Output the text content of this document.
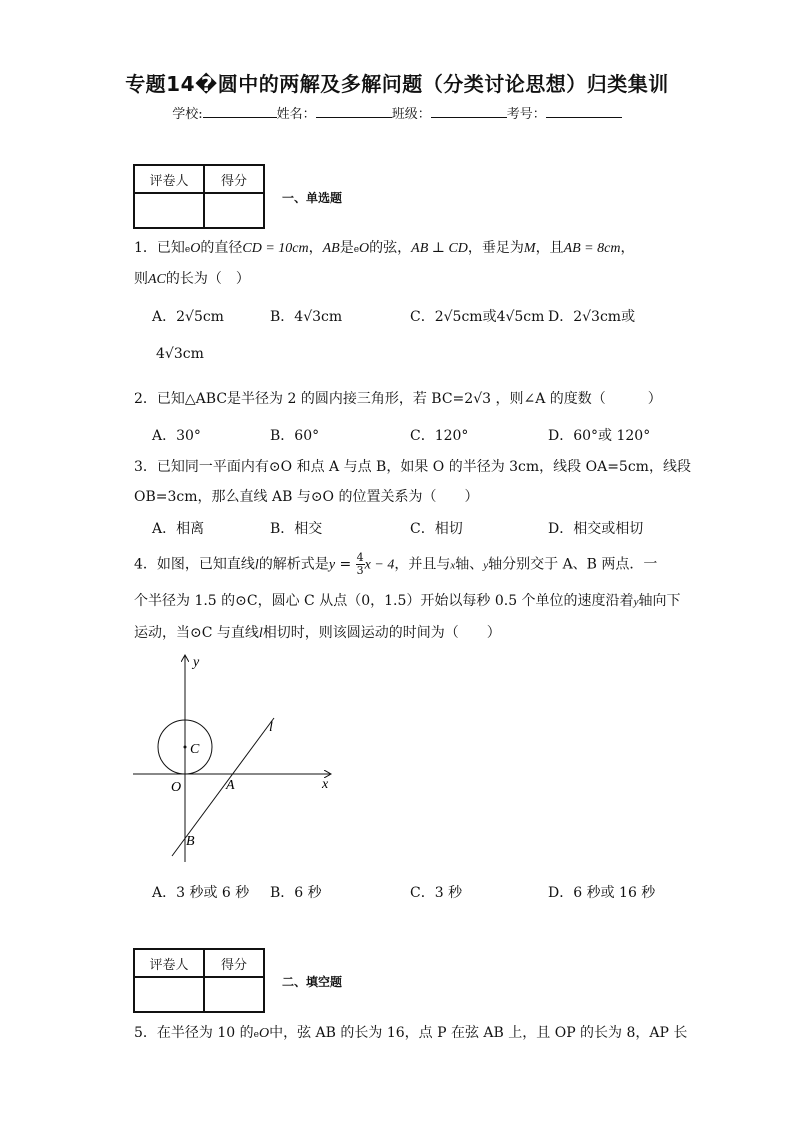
专题14�圆中的两解及多解问题（分类讨论思想）归类集训
学校:	姓名：	班级：	考号：
评卷人	得分

一、单选题
1．已知eO的直径CD = 10cm，AB是eO的弦，AB ⊥ CD，垂足为M，且AB = 8cm，
则AC的长为（　）
A．2√5cm	B．4√3cm	C．2√5cm或4√5cm D．2√3cm或
4√3cm
2．已知△ABC是半径为 2 的圆内接三角形，若 BC=2√3 ，则∠A 的度数（　　　）
A．30°	B．60°	C．120°	D．60°或 120°
3．已知同一平面内有⊙O 和点 A 与点 B，如果 O 的半径为 3cm，线段 OA=5cm，线段
OB=3cm，那么直线 AB 与⊙O 的位置关系为（　　）
A．相离	B．相交	C．相切	D．相交或相切
4．如图，已知直线l的解析式是$y = \frac{4}{3}$ x − 4，并且与x轴、y轴分别交于 A、B 两点．一
个半径为 1.5 的⊙C，圆心 C 从点（0，1.5）开始以每秒 0.5 个单位的速度沿着y轴向下
运动，当⊙C 与直线l相切时，则该圆运动的时间为（　　）
y
x
O	A
B
C
l
A．3 秒或 6 秒 B．6 秒	C．3 秒	D．6 秒或 16 秒
评卷人	得分

二、填空题
5．在半径为 10 的eO中，弦 AB 的长为 16，点 P 在弦 AB 上，且 OP 的长为 8，AP 长
